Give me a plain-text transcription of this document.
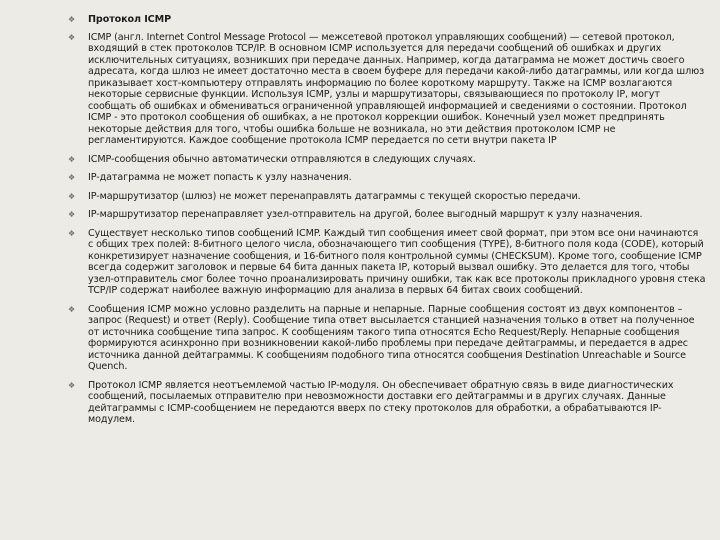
❖ Протокол ICMP
❖ ICMP (англ. Internet Control Message Protocol — межсетевой протокол управляющих сообщений) — сетевой протокол, входящий в стек протоколов TCP/IP. В основном ICMP используется для передачи сообщений об ошибках и других исключительных ситуациях, возникших при передаче данных. Например, когда датаграмма не может достичь своего адресата, когда шлюз не имеет достаточно места в своем буфере для передачи какой-либо датаграммы, или когда шлюз приказывает хост-компьютеру отправлять информацию по более короткому маршруту. Также на ICMP возлагаются некоторые сервисные функции. Используя ICMP, узлы и маршрутизаторы, связывающиеся по протоколу IP, могут сообщать об ошибках и обмениваться ограниченной управляющей информацией и сведениями о состоянии. Протокол ICMP - это протокол сообщения об ошибках, а не протокол коррекции ошибок. Конечный узел может предпринять некоторые действия для того, чтобы ошибка больше не возникала, но эти действия протоколом ICMP не регламентируются. Каждое сообщение протокола ICMP передается по сети внутри пакета IP
❖ ICMP-сообщения обычно автоматически отправляются в следующих случаях.
❖ IP-датаграмма не может попасть к узлу назначения.
❖ IP-маршрутизатор (шлюз) не может перенаправлять датаграммы с текущей скоростью передачи.
❖ IP-маршрутизатор перенаправляет узел-отправитель на другой, более выгодный маршрут к узлу назначения.
❖ Существует несколько типов сообщений ICMP. Каждый тип сообщения имеет свой формат, при этом все они начинаются с общих трех полей: 8-битного целого числа, обозначающего тип сообщения (TYPE), 8-битного поля кода (CODE), который конкретизирует назначение сообщения, и 16-битного поля контрольной суммы (CHECKSUM). Кроме того, сообщение ICMP всегда содержит заголовок и первые 64 бита данных пакета IP, который вызвал ошибку. Это делается для того, чтобы узел-отправитель смог более точно проанализировать причину ошибки, так как все протоколы прикладного уровня стека TCP/IP содержат наиболее важную информацию для анализа в первых 64 битах своих сообщений.
❖ Сообщения ICMP можно условно разделить на парные и непарные. Парные сообщения состоят из двух компонентов – запрос (Request) и ответ (Reply). Сообщение типа ответ высылается станцией назначения только в ответ на полученное от источника сообщение типа запрос. К сообщениям такого типа относятся Echo Request/Reply. Непарные сообщения формируются асинхронно при возникновении какой-либо проблемы при передаче дейтаграммы, и передается в адрес источника данной дейтаграммы. К сообщениям подобного типа относятся сообщения Destination Unreachable и Source Quench.
❖ Протокол ICMP является неотъемлемой частью IP-модуля. Он обеспечивает обратную связь в виде диагностических сообщений, посылаемых отправителю при невозможности доставки его дейтаграммы и в других случаях. Данные дейтаграммы с ICMP-сообщением не передаются вверх по стеку протоколов для обработки, а обрабатываются IP-модулем.
